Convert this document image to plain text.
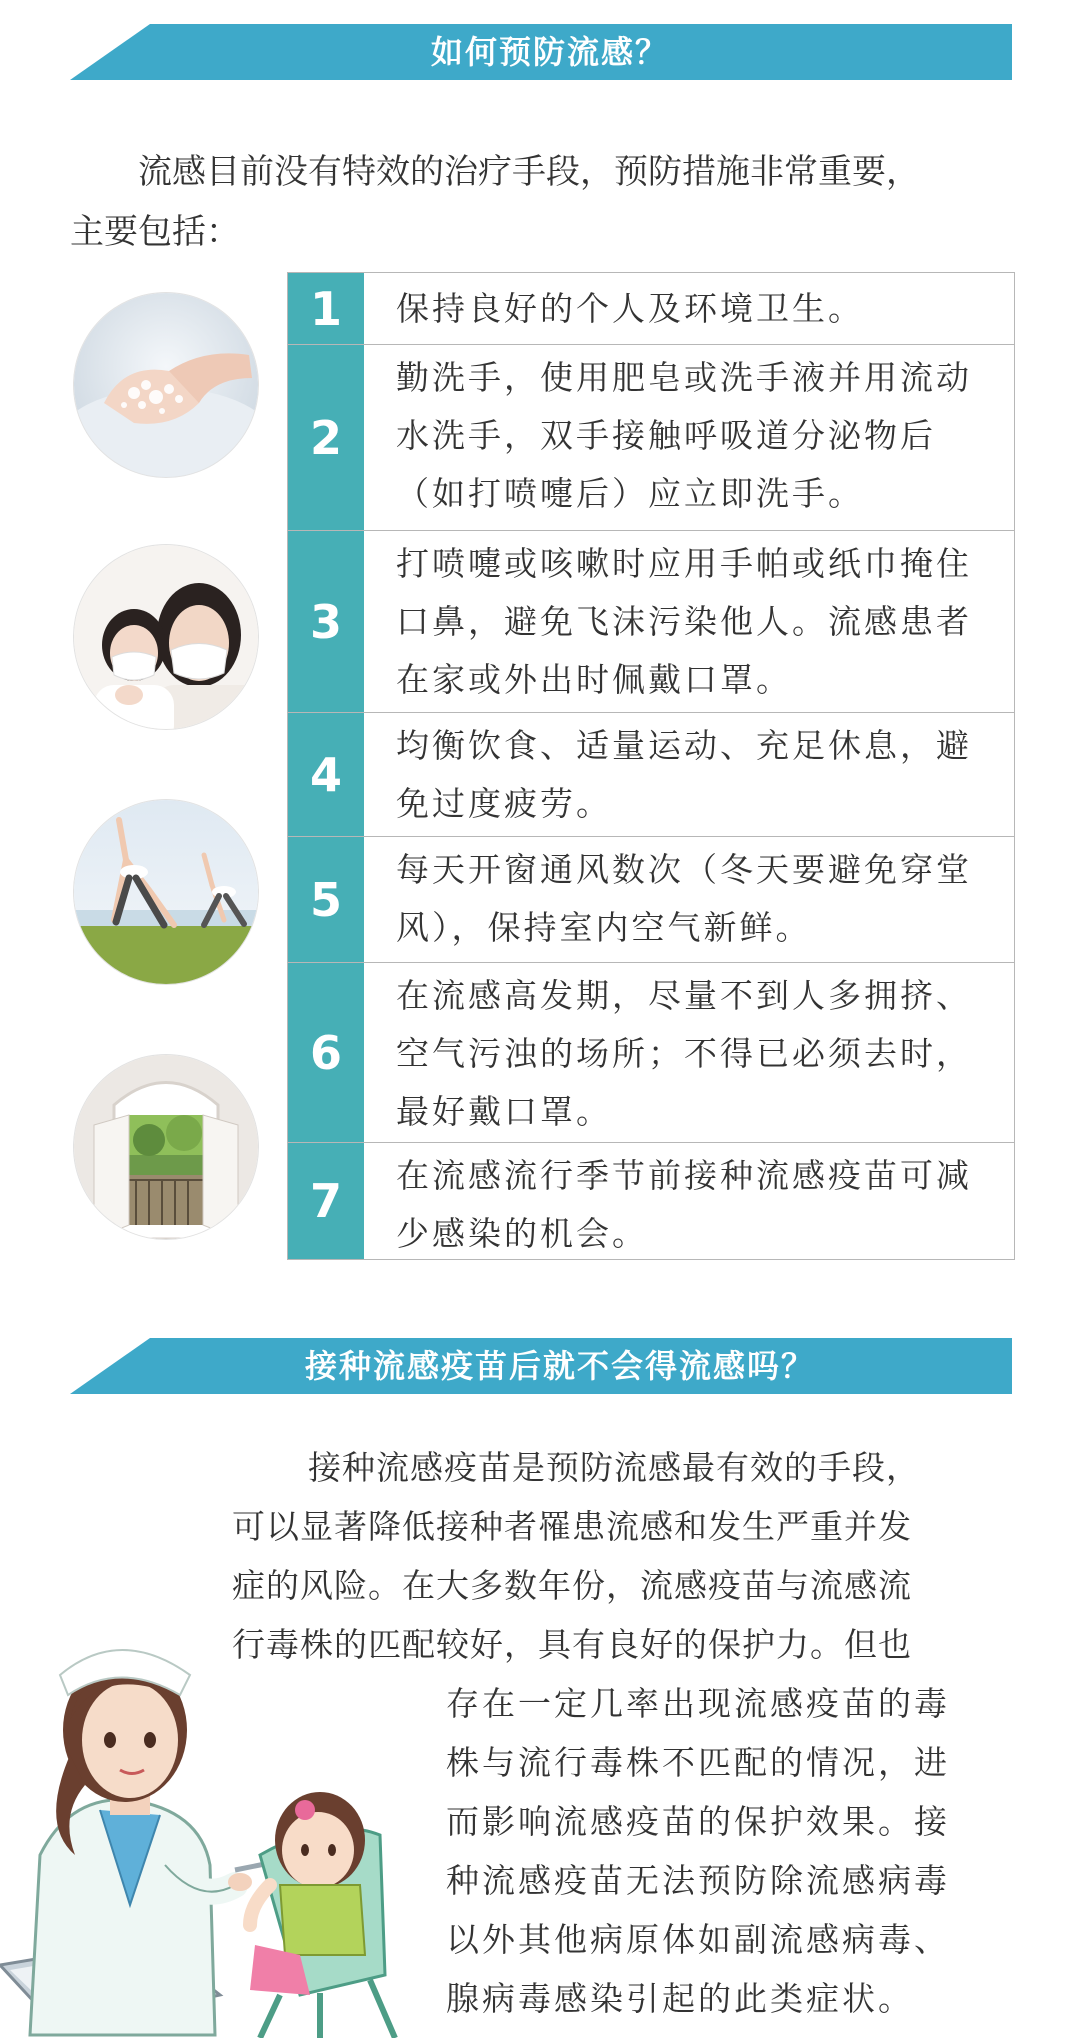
如何预防流感？

流感目前没有特效的治疗手段，预防措施非常重要，

主要包括：
1	保持良好的个人及环境卫生。
2
勤洗手，使用肥皂或洗手液并用流动水洗手，双手接触呼吸道分泌物后（如打喷嚏后）应立即洗手。
3
打喷嚏或咳嗽时应用手帕或纸巾掩住口鼻，避免飞沫污染他人。流感患者在家或外出时佩戴口罩。
4
均衡饮食、适量运动、充足休息，避免过度疲劳。
5
每天开窗通风数次（冬天要避免穿堂风），保持室内空气新鲜。
6
在流感高发期，尽量不到人多拥挤、空气污浊的场所；不得已必须去时，最好戴口罩。
7	在流感流行季节前接种流感疫苗可减少感染的机会。
接种流感疫苗后就不会得流感吗？
接种流感疫苗是预防流感最有效的手段，
可以显著降低接种者罹患流感和发生严重并发
症的风险。在大多数年份，流感疫苗与流感流
行毒株的匹配较好，具有良好的保护力。但也
存在一定几率出现流感疫苗的毒
株与流行毒株不匹配的情况，进
而影响流感疫苗的保护效果。接
种流感疫苗无法预防除流感病毒
以外其他病原体如副流感病毒、
腺病毒感染引起的此类症状。
